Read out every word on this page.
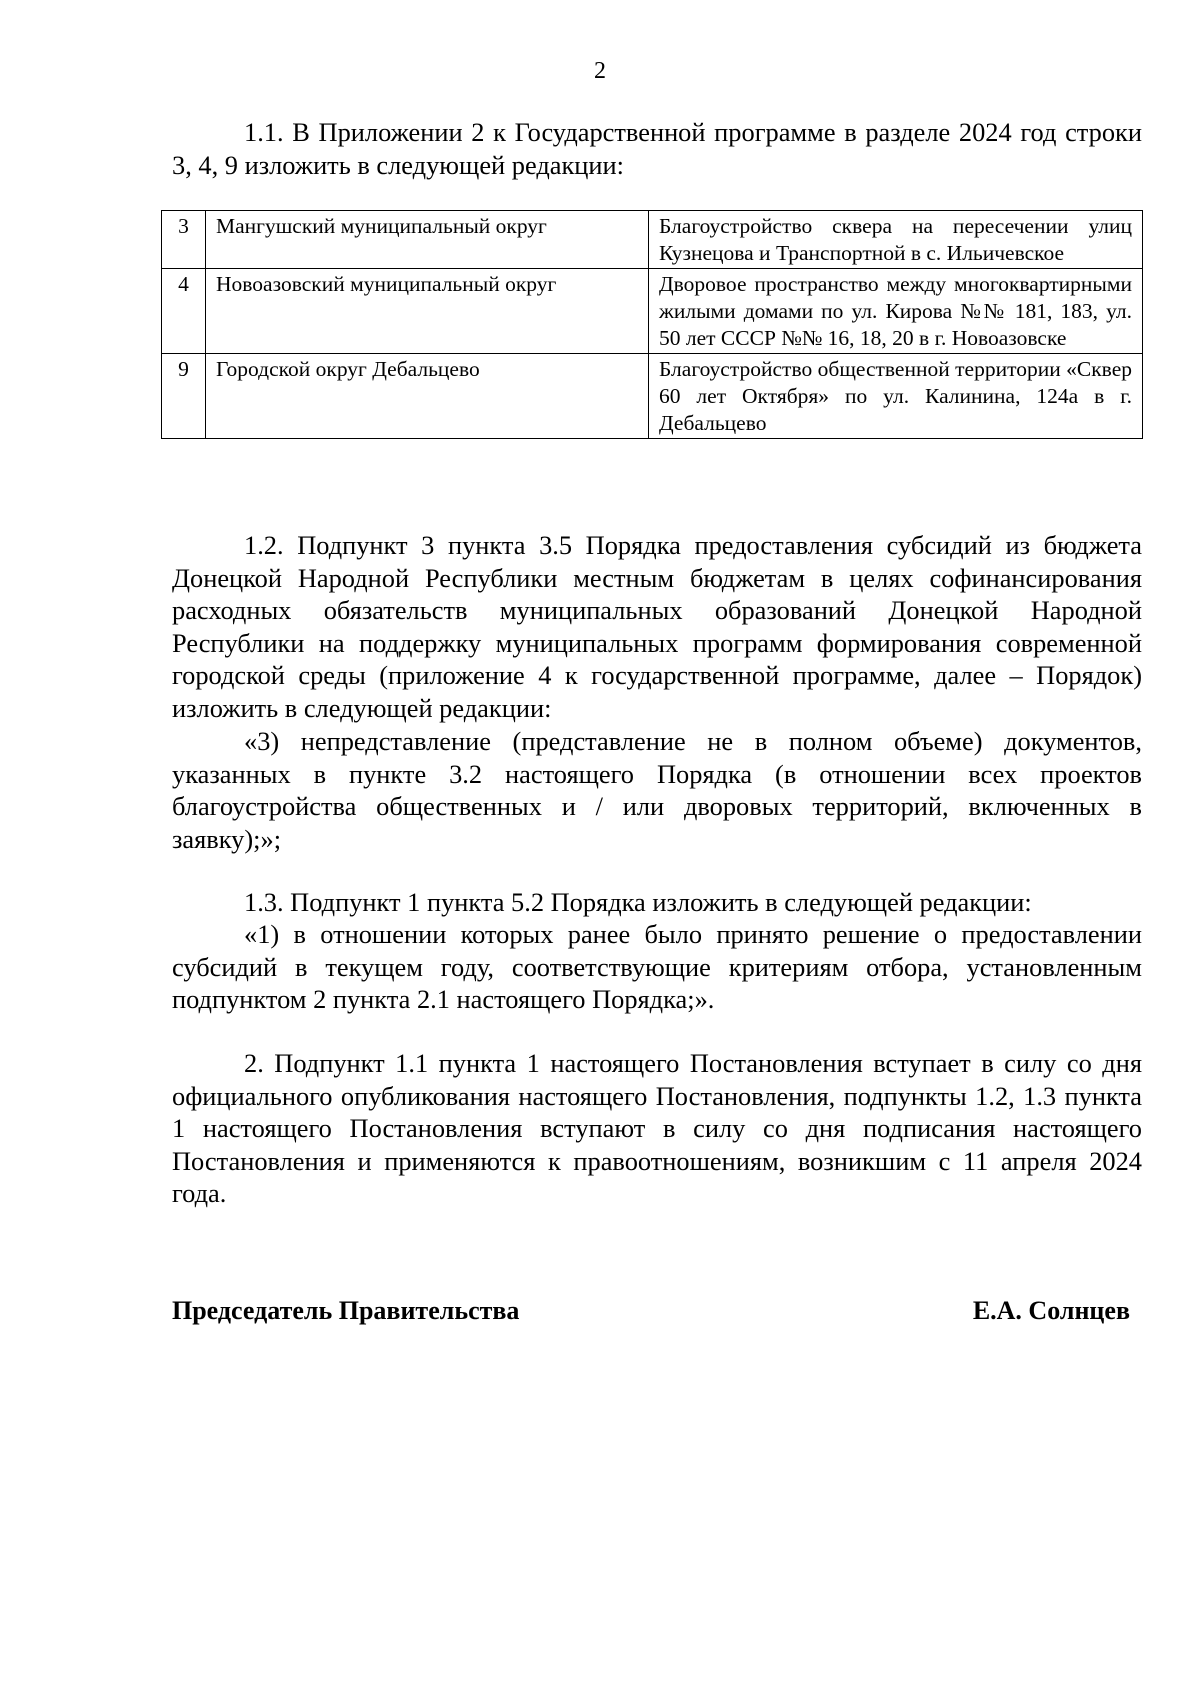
2

1.1. В Приложении 2 к Государственной программе в разделе 2024 год строки 3, 4, 9 изложить в следующей редакции:

3	Мангушский муниципальный округ	Благоустройство сквера на пересечении улиц Кузнецова и Транспортной в с. Ильичевское
4	Новоазовский муниципальный округ	Дворовое пространство между многоквартирными жилыми домами по ул. Кирова №№ 181, 183, ул. 50 лет СССР №№ 16, 18, 20 в г. Новоазовске
9	Городской округ Дебальцево	Благоустройство общественной территории «Сквер 60 лет Октября» по ул. Калинина, 124а в г. Дебальцево

1.2. Подпункт 3 пункта 3.5 Порядка предоставления субсидий из бюджета Донецкой Народной Республики местным бюджетам в целях софинансирования расходных обязательств муниципальных образований Донецкой Народной Республики на поддержку муниципальных программ формирования современной городской среды (приложение 4 к государственной программе, далее – Порядок) изложить в следующей редакции:

«3) непредставление (представление не в полном объеме) документов, указанных в пункте 3.2 настоящего Порядка (в отношении всех проектов благоустройства общественных и / или дворовых территорий, включенных в заявку);»;

1.3. Подпункт 1 пункта 5.2 Порядка изложить в следующей редакции:

«1) в отношении которых ранее было принято решение о предоставлении субсидий в текущем году, соответствующие критериям отбора, установленным подпунктом 2 пункта 2.1 настоящего Порядка;».

2. Подпункт 1.1 пункта 1 настоящего Постановления вступает в силу со дня официального опубликования настоящего Постановления, подпункты 1.2, 1.3 пункта 1 настоящего Постановления вступают в силу со дня подписания настоящего Постановления и применяются к правоотношениям, возникшим с 11 апреля 2024 года.

Председатель Правительства	Е.А. Солнцев
